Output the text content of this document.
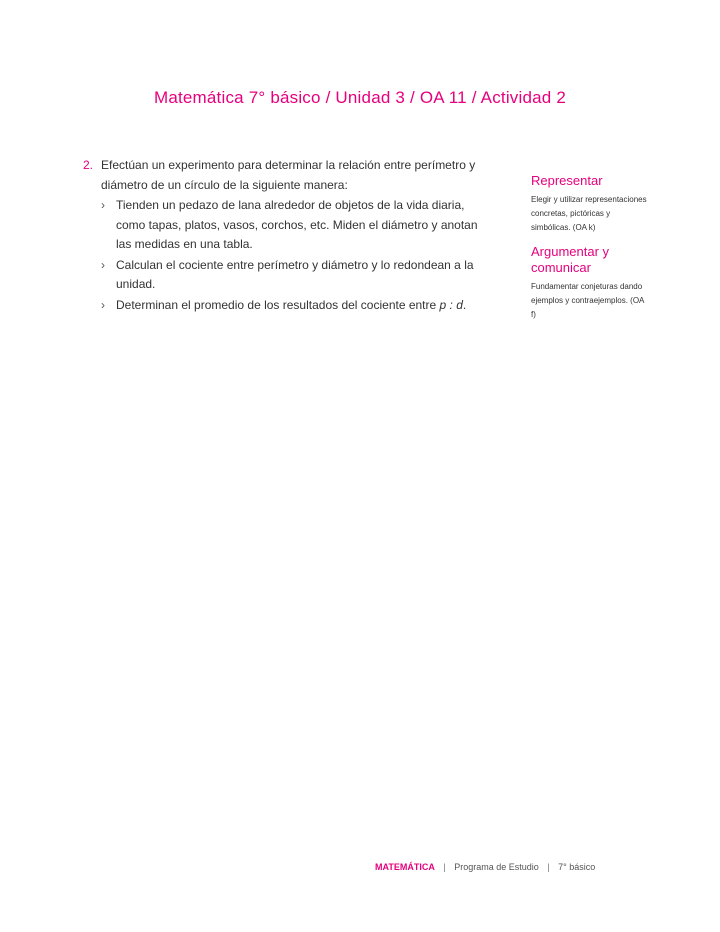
Matemática 7° básico / Unidad 3 / OA 11 / Actividad 2
2. Efectúan un experimento para determinar la relación entre perímetro y diámetro de un círculo de la siguiente manera:
› Tienden un pedazo de lana alrededor de objetos de la vida diaria, como tapas, platos, vasos, corchos, etc. Miden el diámetro y anotan las medidas en una tabla.
› Calculan el cociente entre perímetro y diámetro y lo redondean a la unidad.
› Determinan el promedio de los resultados del cociente entre p : d.
Representar
Elegir y utilizar representaciones concretas, pictóricas y simbólicas. (OA k)
Argumentar y comunicar
Fundamentar conjeturas dando ejemplos y contraejemplos. (OA f)
MATEMÁTICA | Programa de Estudio | 7° básico
